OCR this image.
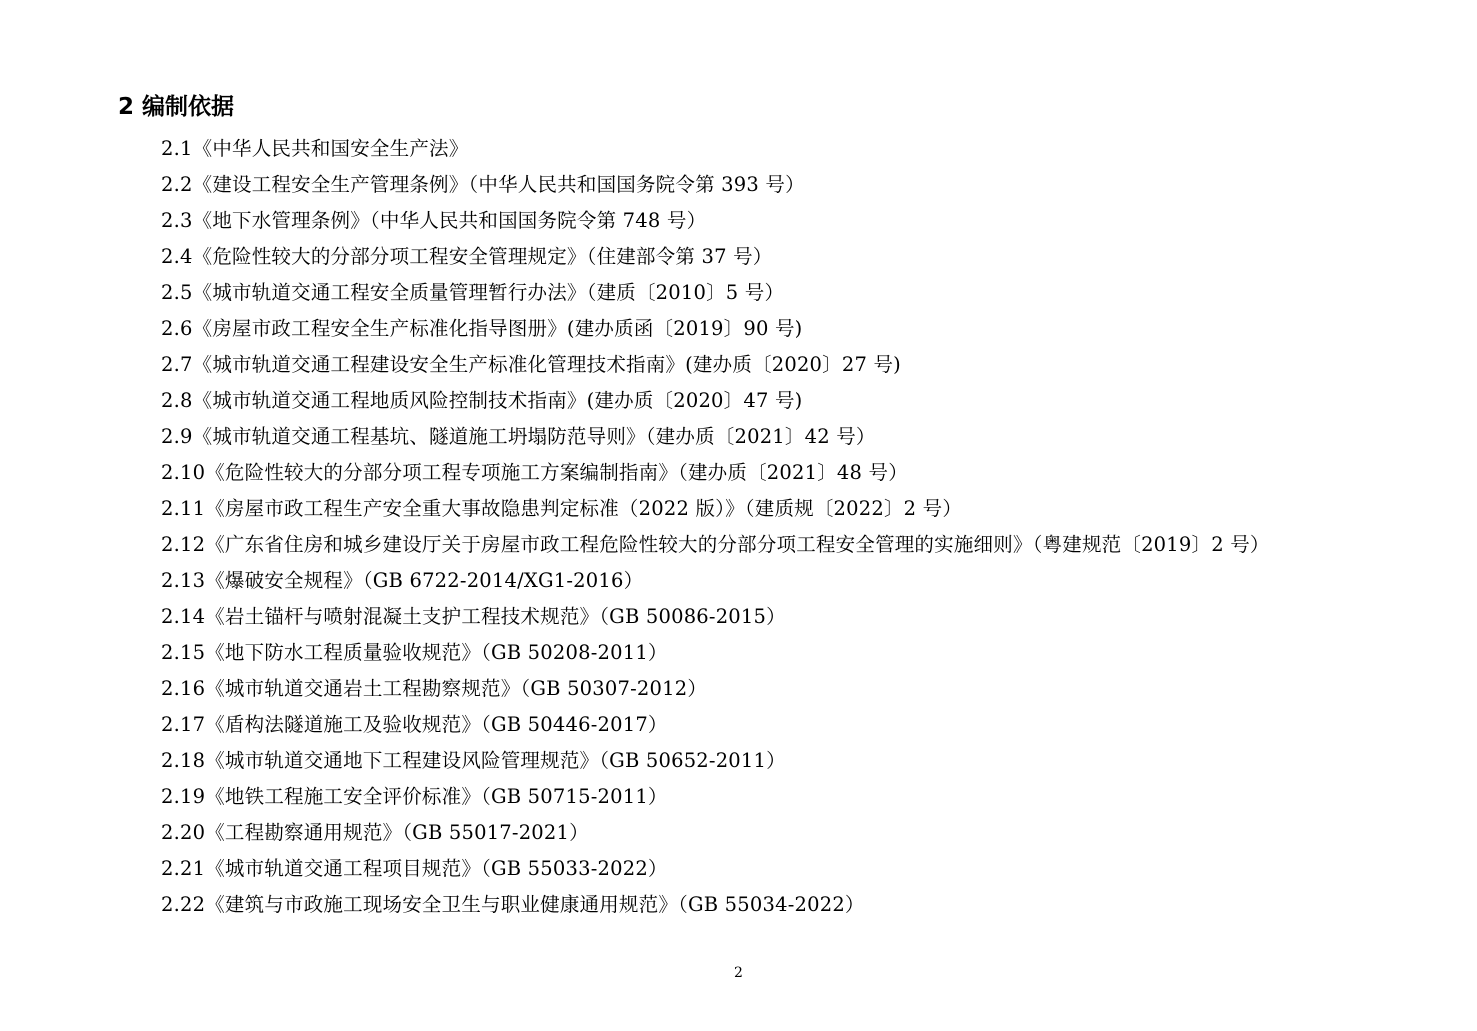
2 编制依据
2.1《中华人民共和国安全生产法》
2.2《建设工程安全生产管理条例》（中华人民共和国国务院令第 393 号）
2.3《地下水管理条例》（中华人民共和国国务院令第 748 号）
2.4《危险性较大的分部分项工程安全管理规定》（住建部令第 37 号）
2.5《城市轨道交通工程安全质量管理暂行办法》（建质〔2010〕5 号）
2.6《房屋市政工程安全生产标准化指导图册》(建办质函〔2019〕90 号)
2.7《城市轨道交通工程建设安全生产标准化管理技术指南》(建办质〔2020〕27 号)
2.8《城市轨道交通工程地质风险控制技术指南》(建办质〔2020〕47 号)
2.9《城市轨道交通工程基坑、隧道施工坍塌防范导则》（建办质〔2021〕42 号）
2.10《危险性较大的分部分项工程专项施工方案编制指南》（建办质〔2021〕48 号）
2.11《房屋市政工程生产安全重大事故隐患判定标准（2022 版）》（建质规〔2022〕2 号）
2.12《广东省住房和城乡建设厅关于房屋市政工程危险性较大的分部分项工程安全管理的实施细则》（粤建规范〔2019〕2 号）
2.13《爆破安全规程》（GB 6722-2014/XG1-2016）
2.14《岩土锚杆与喷射混凝土支护工程技术规范》（GB 50086-2015）
2.15《地下防水工程质量验收规范》（GB 50208-2011）
2.16《城市轨道交通岩土工程勘察规范》（GB 50307-2012）
2.17《盾构法隧道施工及验收规范》（GB 50446-2017）
2.18《城市轨道交通地下工程建设风险管理规范》（GB 50652-2011）
2.19《地铁工程施工安全评价标准》（GB 50715-2011）
2.20《工程勘察通用规范》（GB 55017-2021）
2.21《城市轨道交通工程项目规范》（GB 55033-2022）
2.22《建筑与市政施工现场安全卫生与职业健康通用规范》（GB 55034-2022）
2
